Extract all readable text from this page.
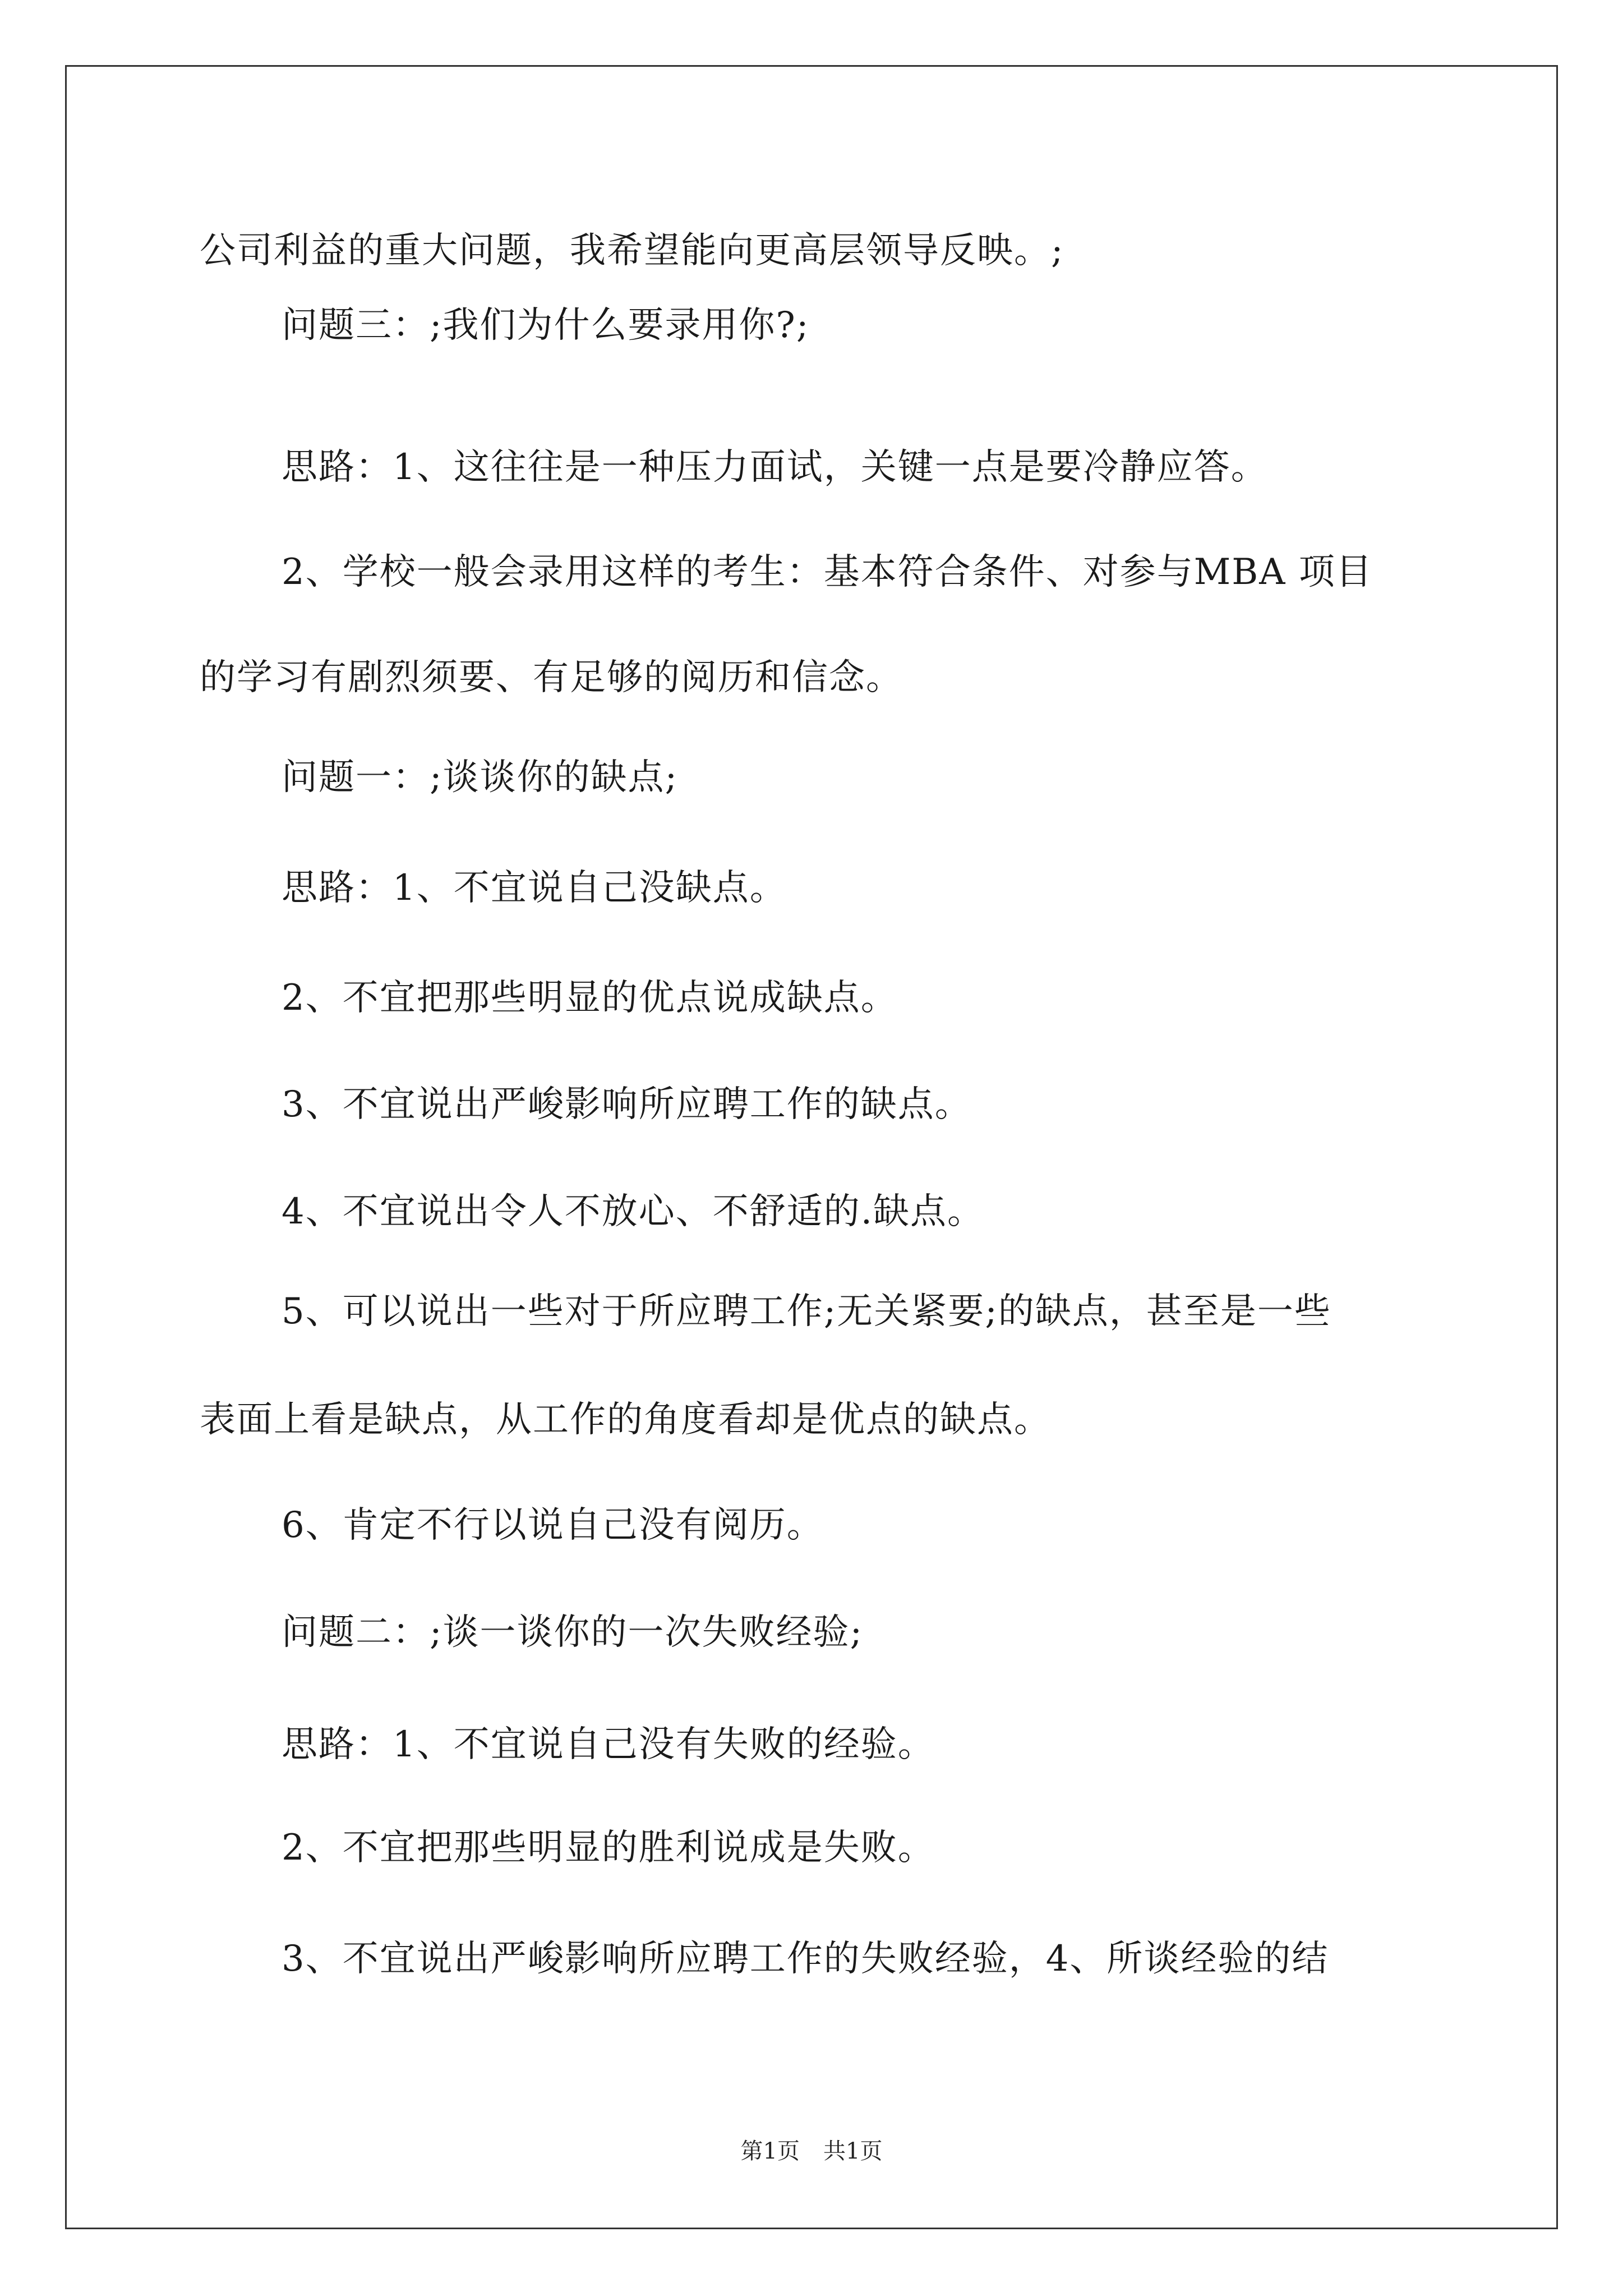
公司利益的重大问题，我希望能向更高层领导反映。;
问题三：;我们为什么要录用你?;
思路：1、这往往是一种压力面试，关键一点是要冷静应答。
2、学校一般会录用这样的考生：基本符合条件、对参与MBA 项目
的学习有剧烈须要、有足够的阅历和信念。
问题一：;谈谈你的缺点;
思路：1、不宜说自己没缺点。
2、不宜把那些明显的优点说成缺点。
3、不宜说出严峻影响所应聘工作的缺点。
4、不宜说出令人不放心、不舒适的.缺点。
5、可以说出一些对于所应聘工作;无关紧要;的缺点，甚至是一些
表面上看是缺点，从工作的角度看却是优点的缺点。
6、肯定不行以说自己没有阅历。
问题二：;谈一谈你的一次失败经验;
思路：1、不宜说自己没有失败的经验。
2、不宜把那些明显的胜利说成是失败。
3、不宜说出严峻影响所应聘工作的失败经验，4、所谈经验的结
第1页 共1页
